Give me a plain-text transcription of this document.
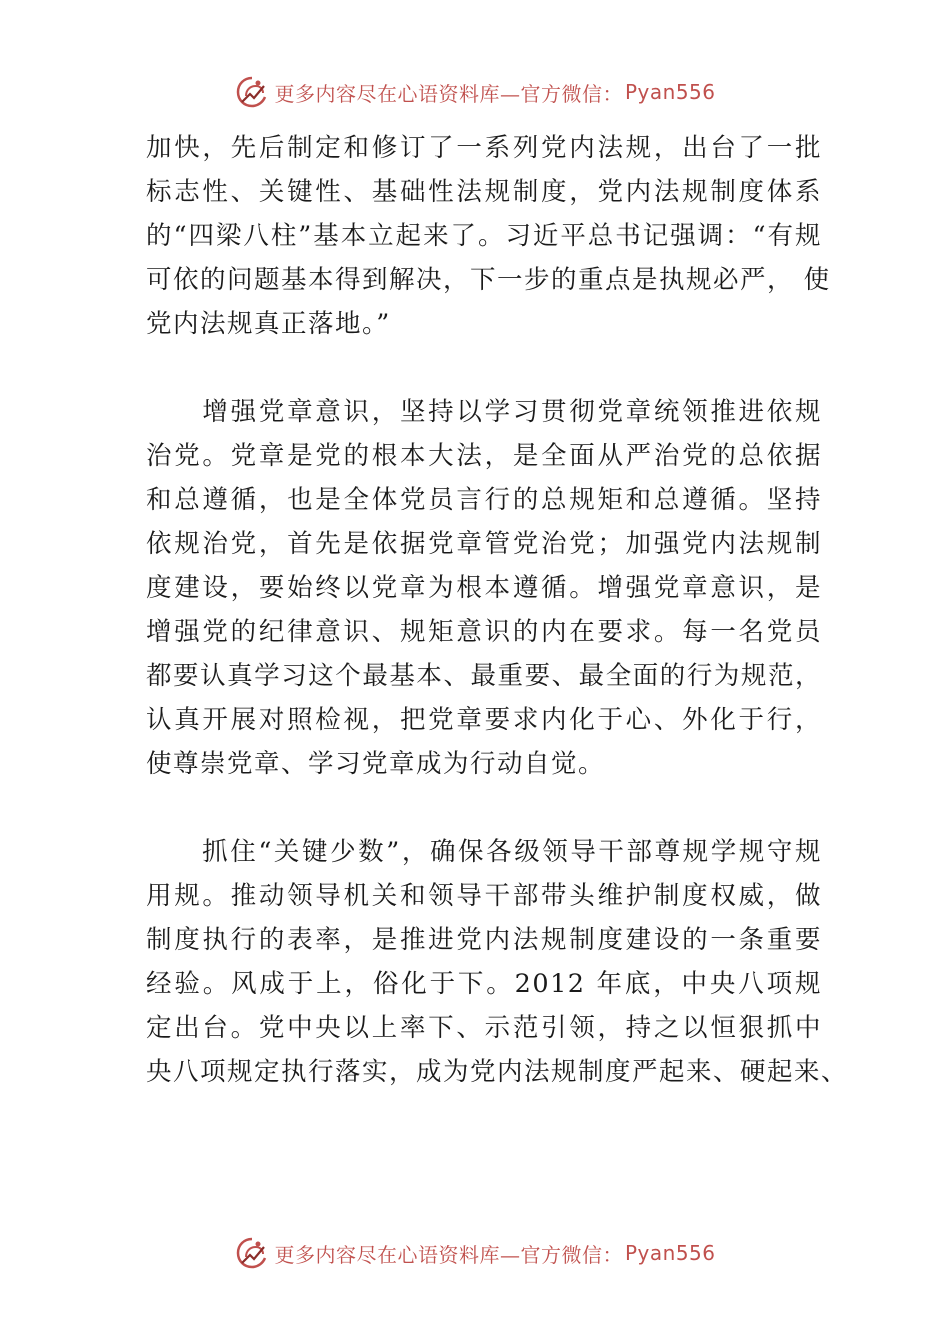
更多内容尽在心语资料库—官方微信： Pyan556

加快，先后制定和修订了一系列党内法规，出台了一批
标志性、关键性、基础性法规制度，党内法规制度体系
的“四梁八柱”基本立起来了。习近平总书记强调：“有规
可依的问题基本得到解决，下一步的重点是执规必严， 使
党内法规真正落地。”

　　增强党章意识，坚持以学习贯彻党章统领推进依规
治党。党章是党的根本大法，是全面从严治党的总依据
和总遵循，也是全体党员言行的总规矩和总遵循。坚持
依规治党，首先是依据党章管党治党；加强党内法规制
度建设，要始终以党章为根本遵循。增强党章意识，是
增强党的纪律意识、规矩意识的内在要求。每一名党员
都要认真学习这个最基本、最重要、最全面的行为规范，
认真开展对照检视，把党章要求内化于心、外化于行，
使尊崇党章、学习党章成为行动自觉。

　　抓住“关键少数”，确保各级领导干部尊规学规守规
用规。推动领导机关和领导干部带头维护制度权威，做
制度执行的表率，是推进党内法规制度建设的一条重要
经验。风成于上，俗化于下。2012 年底，中央八项规
定出台。党中央以上率下、示范引领，持之以恒狠抓中
央八项规定执行落实，成为党内法规制度严起来、硬起来、

更多内容尽在心语资料库—官方微信： Pyan556
